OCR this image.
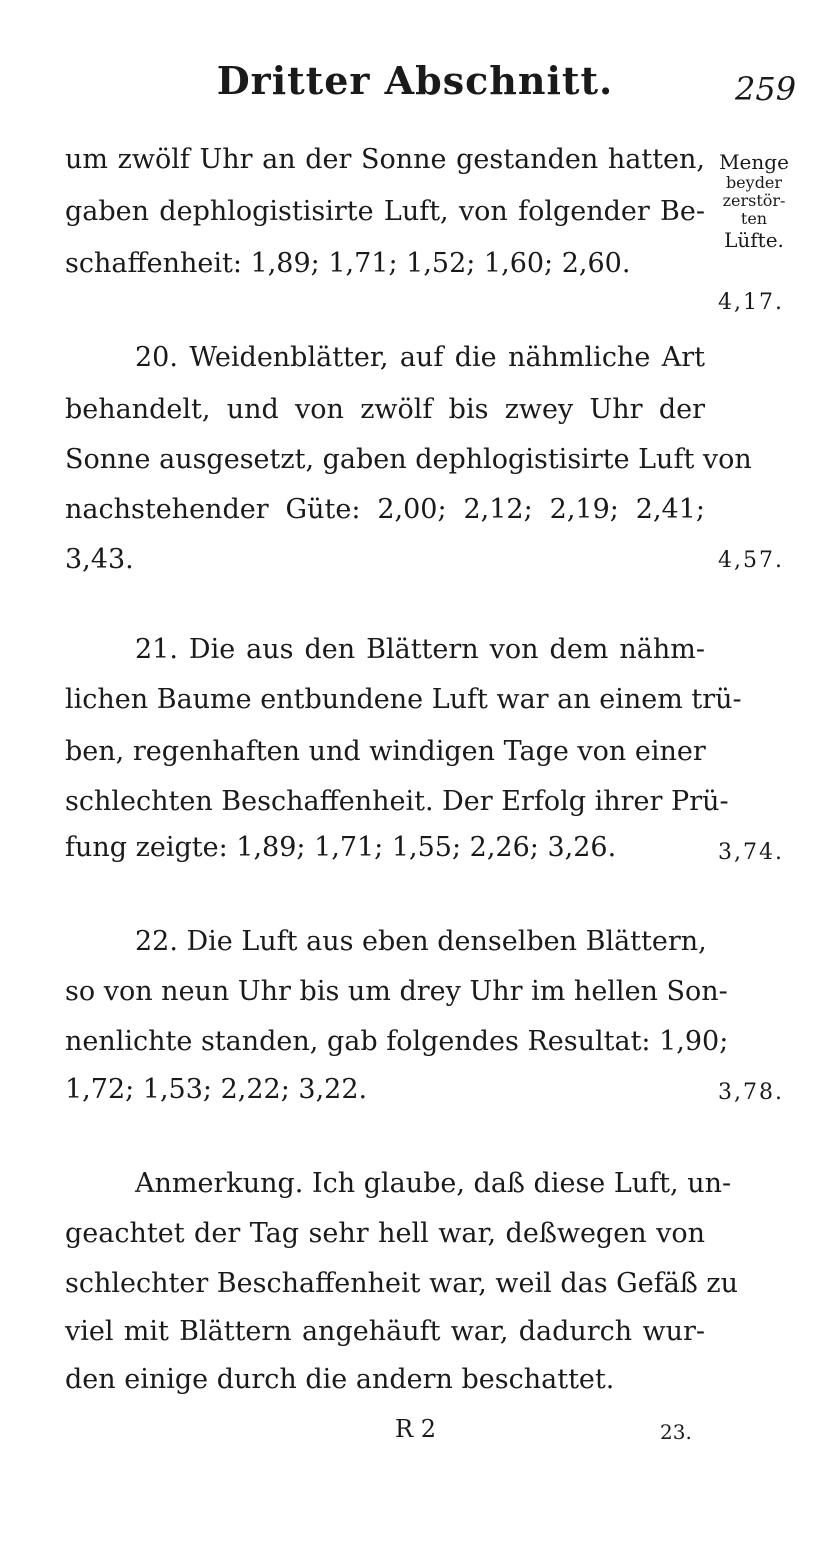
Dritter Abschnitt.	259
um zwölf Uhr an der Sonne gestanden hatten,
gaben dephlogistisirte Luft, von folgender Be-
schaffenheit: 1,89; 1,71; 1,52; 1,60; 2,60.
Menge
beyder
zerstör-
ten
Lüfte.
4,17.
20. Weidenblätter, auf die nähmliche Art
behandelt, und von zwölf bis zwey Uhr der
Sonne ausgesetzt, gaben dephlogistisirte Luft von
nachstehender Güte: 2,00; 2,12; 2,19; 2,41;
3,43.	4,57.
21. Die aus den Blättern von dem nähm-
lichen Baume entbundene Luft war an einem trü-
ben, regenhaften und windigen Tage von einer
schlechten Beschaffenheit. Der Erfolg ihrer Prü-
fung zeigte: 1,89; 1,71; 1,55; 2,26; 3,26.	3,74.
22. Die Luft aus eben denselben Blättern,
so von neun Uhr bis um drey Uhr im hellen Son-
nenlichte standen, gab folgendes Resultat: 1,90;
1,72; 1,53; 2,22; 3,22.	3,78.
Anmerkung. Ich glaube, daß diese Luft, un-
geachtet der Tag sehr hell war, deßwegen von
schlechter Beschaffenheit war, weil das Gefäß zu
viel mit Blättern angehäuft war, dadurch wur-
den einige durch die andern beschattet.
R 2	23.
